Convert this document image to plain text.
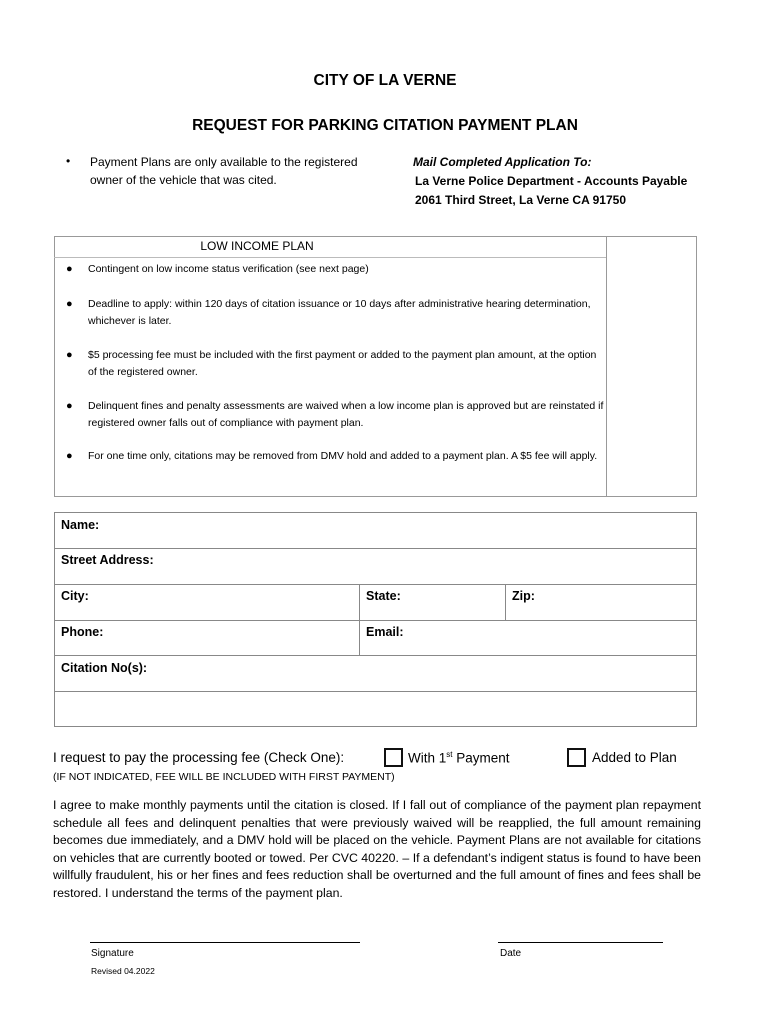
CITY OF LA VERNE
REQUEST FOR PARKING CITATION PAYMENT PLAN
• Payment Plans are only available to the registered owner of the vehicle that was cited.
Mail Completed Application To:
La Verne Police Department - Accounts Payable
2061 Third Street, La Verne CA 91750
LOW INCOME PLAN
● Contingent on low income status verification (see next page)
● Deadline to apply: within 120 days of citation issuance or 10 days after administrative hearing determination, whichever is later.
● $5 processing fee must be included with the first payment or added to the payment plan amount, at the option of the registered owner.
● Delinquent fines and penalty assessments are waived when a low income plan is approved but are reinstated if registered owner falls out of compliance with payment plan.
● For one time only, citations may be removed from DMV hold and added to a payment plan. A $5 fee will apply.
Name:
Street Address:
City:	State:	Zip:
Phone:	Email:
Citation No(s):
I request to pay the processing fee (Check One):	With 1st Payment	Added to Plan
(IF NOT INDICATED, FEE WILL BE INCLUDED WITH FIRST PAYMENT)
I agree to make monthly payments until the citation is closed. If I fall out of compliance of the payment plan repayment schedule all fees and delinquent penalties that were previously waived will be reapplied, the full amount remaining becomes due immediately, and a DMV hold will be placed on the vehicle. Payment Plans are not available for citations on vehicles that are currently booted or towed. Per CVC 40220. – If a defendant’s indigent status is found to have been willfully fraudulent, his or her fines and fees reduction shall be overturned and the full amount of fines and fees shall be restored. I understand the terms of the payment plan.
Signature	Date
Revised 04.2022
